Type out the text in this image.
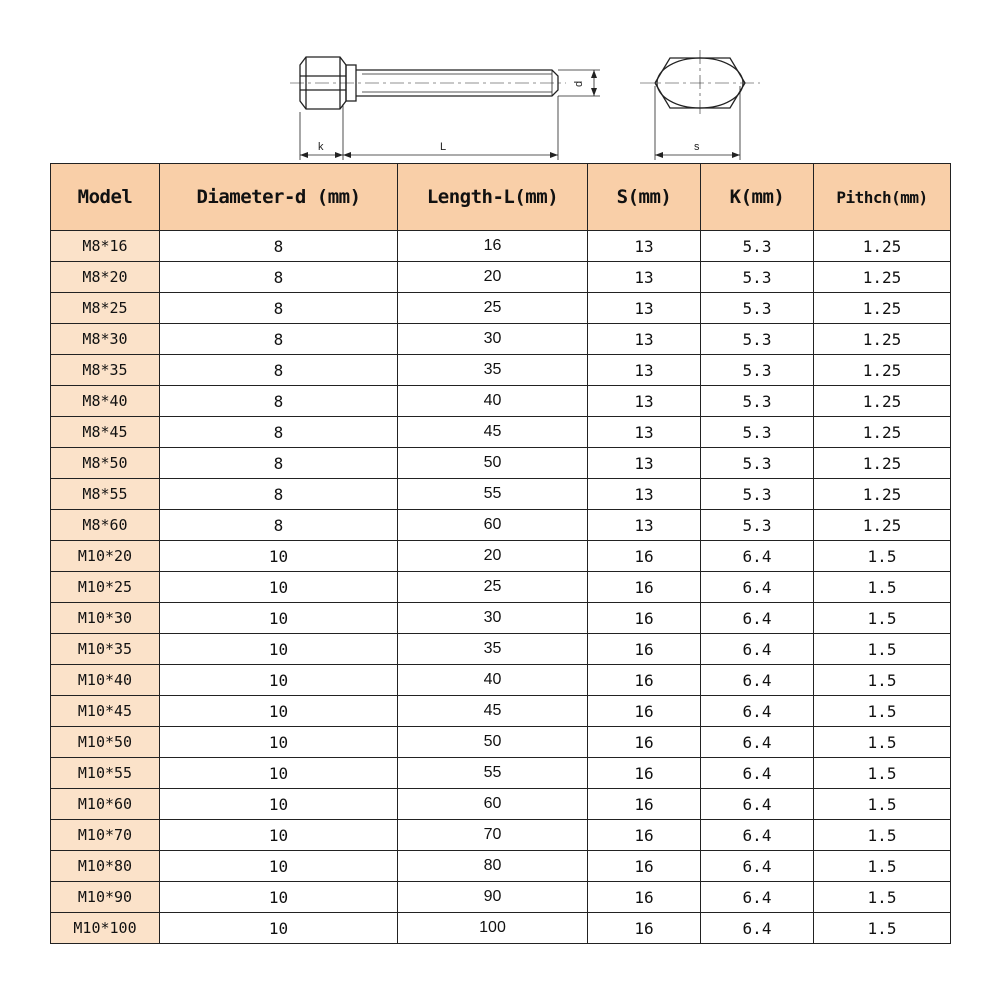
k	L
d
s
Model	Diameter-d (mm)	Length-L(mm)	S(mm)	K(mm)	Pithch(mm)
M8*16	8	16	13	5.3	1.25
M8*20	8	20	13	5.3	1.25
M8*25	8	25	13	5.3	1.25
M8*30	8	30	13	5.3	1.25
M8*35	8	35	13	5.3	1.25
M8*40	8	40	13	5.3	1.25
M8*45	8	45	13	5.3	1.25
M8*50	8	50	13	5.3	1.25
M8*55	8	55	13	5.3	1.25
M8*60	8	60	13	5.3	1.25
M10*20	10	20	16	6.4	1.5
M10*25	10	25	16	6.4	1.5
M10*30	10	30	16	6.4	1.5
M10*35	10	35	16	6.4	1.5
M10*40	10	40	16	6.4	1.5
M10*45	10	45	16	6.4	1.5
M10*50	10	50	16	6.4	1.5
M10*55	10	55	16	6.4	1.5
M10*60	10	60	16	6.4	1.5
M10*70	10	70	16	6.4	1.5
M10*80	10	80	16	6.4	1.5
M10*90	10	90	16	6.4	1.5
M10*100	10	100	16	6.4	1.5
